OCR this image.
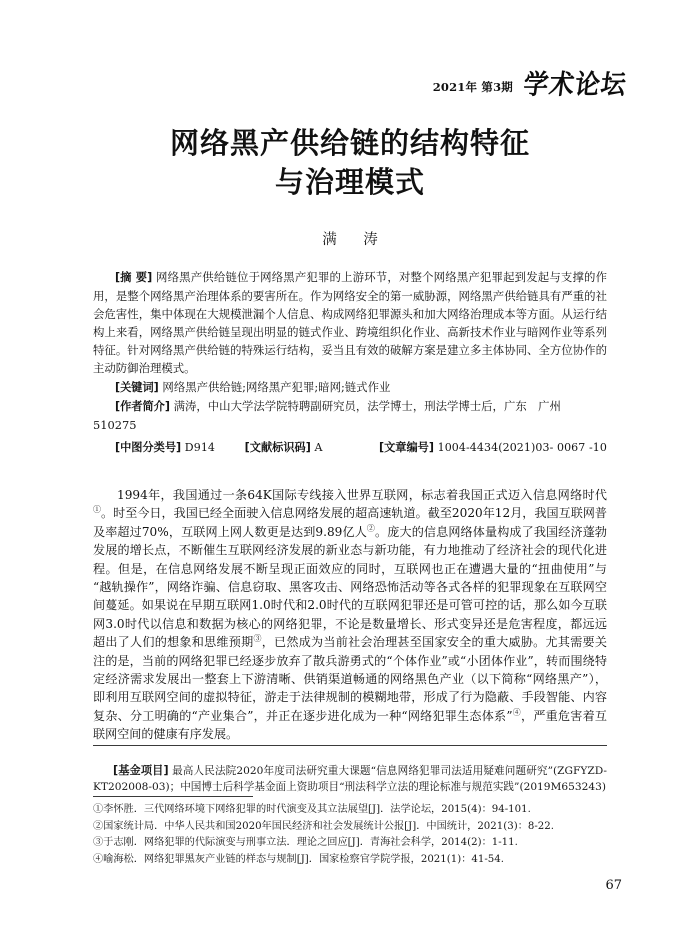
2021年 第3期 学术论坛
网络黑产供给链的结构特征
与治理模式
满 涛

[摘 要] 网络黑产供给链位于网络黑产犯罪的上游环节，对整个网络黑产犯罪起到发起与支撑的作用，是整个网络黑产治理体系的要害所在。作为网络安全的第一威胁源，网络黑产供给链具有严重的社会危害性，集中体现在大规模泄漏个人信息、构成网络犯罪源头和加大网络治理成本等方面。从运行结构上来看，网络黑产供给链呈现出明显的链式作业、跨境组织化作业、高新技术作业与暗网作业等系列特征。针对网络黑产供给链的特殊运行结构，妥当且有效的破解方案是建立多主体协同、全方位协作的主动防御治理模式。

[关键词] 网络黑产供给链;网络黑产犯罪;暗网;链式作业

[作者简介] 满涛，中山大学法学院特聘副研究员，法学博士，刑法学博士后，广东　广州

510275

[中图分类号] D914	[文献标识码] A	[文章编号] 1004-4434(2021)03- 0067 -10

1994年，我国通过一条64K国际专线接入世界互联网，标志着我国正式迈入信息网络时代①。时至今日，我国已经全面驶入信息网络发展的超高速轨道。截至2020年12月，我国互联网普及率超过70%，互联网上网人数更是达到9.89亿人②。庞大的信息网络体量构成了我国经济蓬勃发展的增长点，不断催生互联网经济发展的新业态与新功能，有力地推动了经济社会的现代化进程。但是，在信息网络发展不断呈现正面效应的同时，互联网也正在遭遇大量的“扭曲使用”与“越轨操作”，网络诈骗、信息窃取、黑客攻击、网络恐怖活动等各式各样的犯罪现象在互联网空间蔓延。如果说在早期互联网1.0时代和2.0时代的互联网犯罪还是可管可控的话，那么如今互联网3.0时代以信息和数据为核心的网络犯罪，不论是数量增长、形式变异还是危害程度，都远远超出了人们的想象和思维预期③，已然成为当前社会治理甚至国家安全的重大威胁。尤其需要关注的是，当前的网络犯罪已经逐步放弃了散兵游勇式的“个体作业”或“小团体作业”，转而围绕特定经济需求发展出一整套上下游清晰、供销渠道畅通的网络黑色产业（以下简称“网络黑产”），即利用互联网空间的虚拟特征，游走于法律规制的模糊地带，形成了行为隐蔽、手段智能、内容复杂、分工明确的“产业集合”，并正在逐步进化成为一种“网络犯罪生态体系”④，严重危害着互联网空间的健康有序发展。

[基金项目] 最高人民法院2020年度司法研究重大课题“信息网络犯罪司法适用疑难问题研究”(ZGFYZD-KT202008-03)；中国博士后科学基金面上资助项目“刑法科学立法的理论标准与规范实践”(2019M653243)

①李怀胜．三代网络环境下网络犯罪的时代演变及其立法展望[J]．法学论坛，2015(4)：94-101.

②国家统计局．中华人民共和国2020年国民经济和社会发展统计公报[J]．中国统计，2021(3)：8-22.

③于志刚．网络犯罪的代际演变与刑事立法．理论之回应[J]．青海社会科学，2014(2)：1-11.

④喻海松．网络犯罪黑灰产业链的样态与规制[J]．国家检察官学院学报，2021(1)：41-54.

67
